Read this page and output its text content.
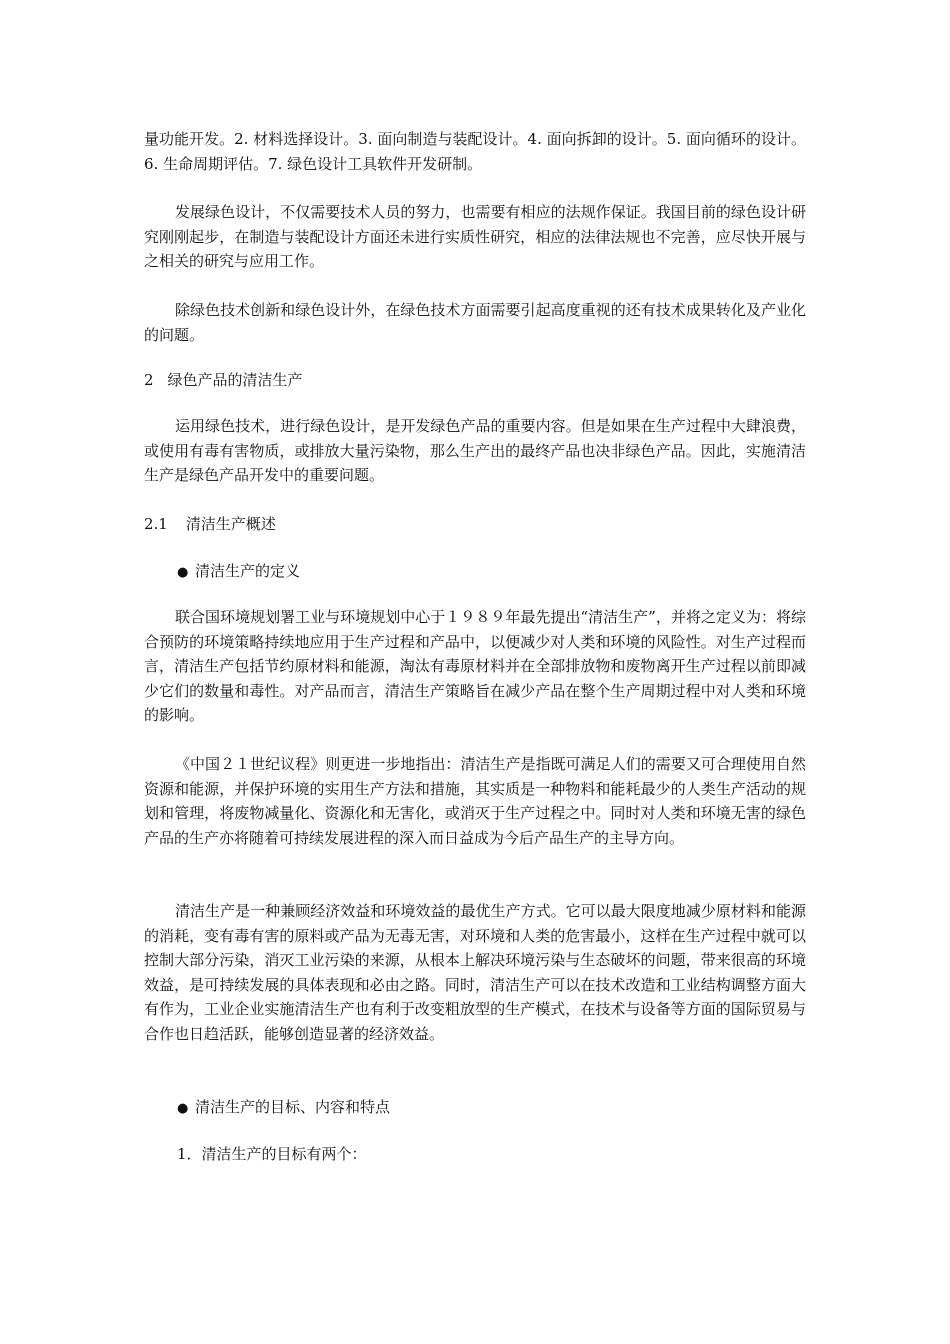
量功能开发。2. 材料选择设计。3. 面向制造与装配设计。4. 面向拆卸的设计。5. 面向循环的设计。6. 生命周期评估。7. 绿色设计工具软件开发研制。

发展绿色设计，不仅需要技术人员的努力，也需要有相应的法规作保证。我国目前的绿色设计研究刚刚起步，在制造与装配设计方面还未进行实质性研究，相应的法律法规也不完善，应尽快开展与之相关的研究与应用工作。

除绿色技术创新和绿色设计外，在绿色技术方面需要引起高度重视的还有技术成果转化及产业化的问题。

2 绿色产品的清洁生产

运用绿色技术，进行绿色设计，是开发绿色产品的重要内容。但是如果在生产过程中大肆浪费，或使用有毒有害物质，或排放大量污染物，那么生产出的最终产品也决非绿色产品。因此，实施清洁生产是绿色产品开发中的重要问题。

2.1 清洁生产概述
● 清洁生产的定义

联合国环境规划署工业与环境规划中心于１９８９年最先提出“清洁生产”，并将之定义为：将综合预防的环境策略持续地应用于生产过程和产品中，以便减少对人类和环境的风险性。对生产过程而言，清洁生产包括节约原材料和能源，淘汰有毒原材料并在全部排放物和废物离开生产过程以前即减少它们的数量和毒性。对产品而言，清洁生产策略旨在减少产品在整个生产周期过程中对人类和环境的影响。

《中国２１世纪议程》则更进一步地指出：清洁生产是指既可满足人们的需要又可合理使用自然资源和能源，并保护环境的实用生产方法和措施，其实质是一种物料和能耗最少的人类生产活动的规划和管理，将废物减量化、资源化和无害化，或消灭于生产过程之中。同时对人类和环境无害的绿色产品的生产亦将随着可持续发展进程的深入而日益成为今后产品生产的主导方向。

清洁生产是一种兼顾经济效益和环境效益的最优生产方式。它可以最大限度地减少原材料和能源的消耗，变有毒有害的原料或产品为无毒无害，对环境和人类的危害最小，这样在生产过程中就可以控制大部分污染，消灭工业污染的来源，从根本上解决环境污染与生态破坏的问题，带来很高的环境效益，是可持续发展的具体表现和必由之路。同时，清洁生产可以在技术改造和工业结构调整方面大有作为，工业企业实施清洁生产也有利于改变粗放型的生产模式，在技术与设备等方面的国际贸易与合作也日趋活跃，能够创造显著的经济效益。

● 清洁生产的目标、内容和特点
1．清洁生产的目标有两个：
